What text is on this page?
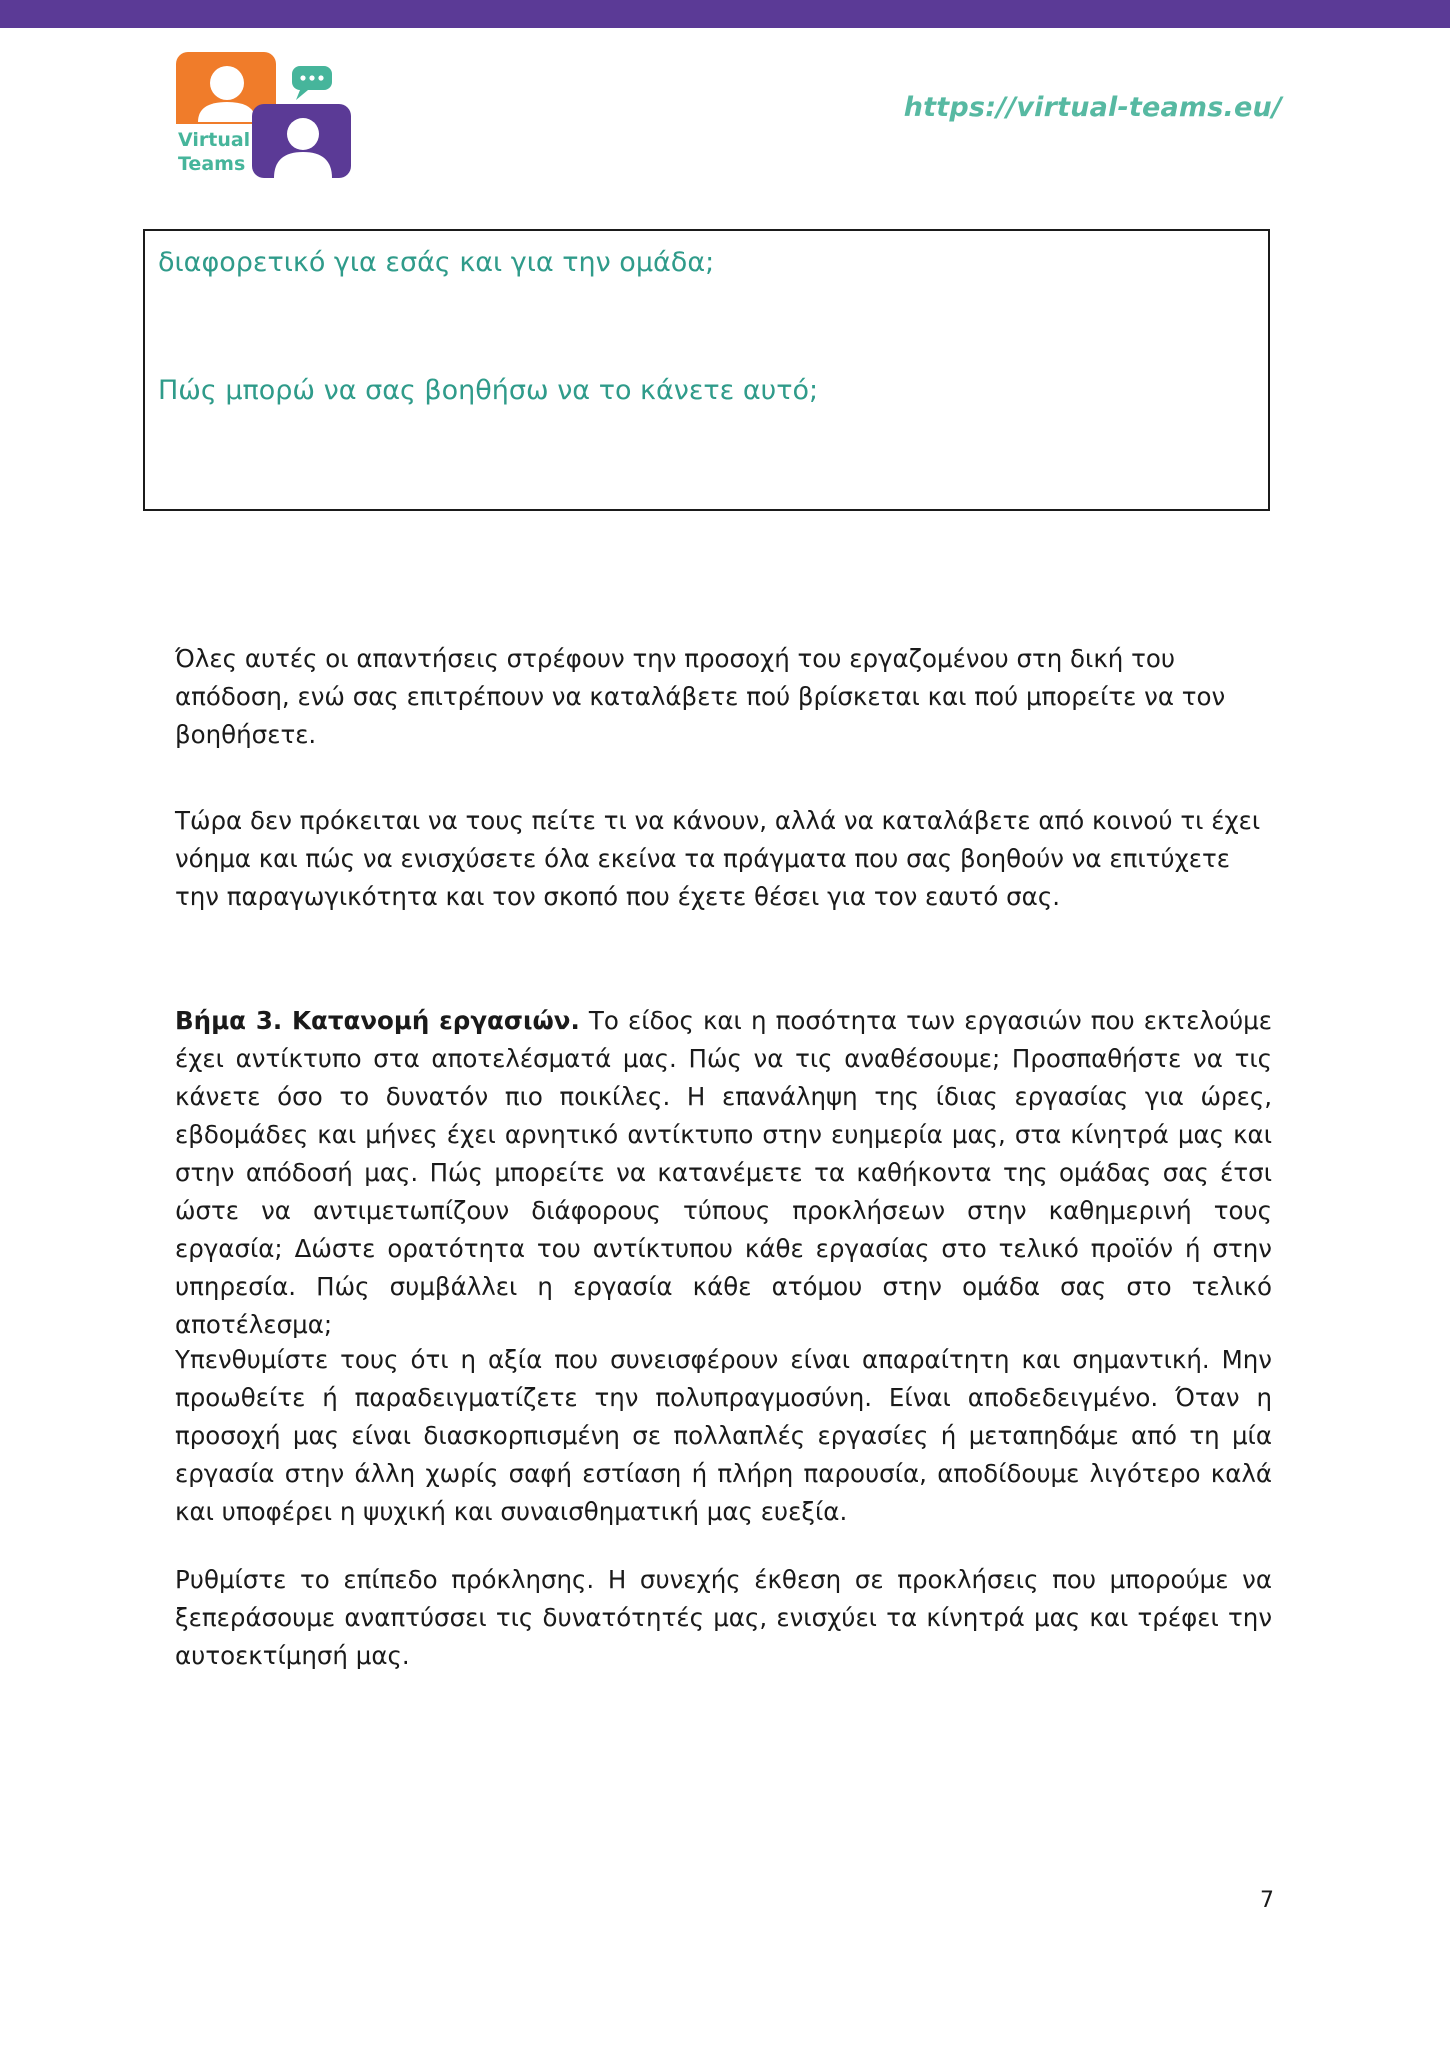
Virtual
Teams
https://virtual-teams.eu/
διαφορετικό για εσάς και για την ομάδα;
Πώς μπορώ να σας βοηθήσω να το κάνετε αυτό;

Όλες αυτές οι απαντήσεις στρέφουν την προσοχή του εργαζομένου στη δική του απόδοση, ενώ σας επιτρέπουν να καταλάβετε πού βρίσκεται και πού μπορείτε να τον βοηθήσετε.

Τώρα δεν πρόκειται να τους πείτε τι να κάνουν, αλλά να καταλάβετε από κοινού τι έχει νόημα και πώς να ενισχύσετε όλα εκείνα τα πράγματα που σας βοηθούν να επιτύχετε την παραγωγικότητα και τον σκοπό που έχετε θέσει για τον εαυτό σας.

Βήμα 3. Κατανομή εργασιών. Το είδος και η ποσότητα των εργασιών που εκτελούμε έχει αντίκτυπο στα αποτελέσματά μας. Πώς να τις αναθέσουμε; Προσπαθήστε να τις κάνετε όσο το δυνατόν πιο ποικίλες. Η επανάληψη της ίδιας εργασίας για ώρες, εβδομάδες και μήνες έχει αρνητικό αντίκτυπο στην ευημερία μας, στα κίνητρά μας και στην απόδοσή μας. Πώς μπορείτε να κατανέμετε τα καθήκοντα της ομάδας σας έτσι ώστε να αντιμετωπίζουν διάφορους τύπους προκλήσεων στην καθημερινή τους εργασία; Δώστε ορατότητα του αντίκτυπου κάθε εργασίας στο τελικό προϊόν ή στην υπηρεσία. Πώς συμβάλλει η εργασία κάθε ατόμου στην ομάδα σας στο τελικό αποτέλεσμα;

Υπενθυμίστε τους ότι η αξία που συνεισφέρουν είναι απαραίτητη και σημαντική. Μην προωθείτε ή παραδειγματίζετε την πολυπραγμοσύνη. Είναι αποδεδειγμένο. Όταν η προσοχή μας είναι διασκορπισμένη σε πολλαπλές εργασίες ή μεταπηδάμε από τη μία εργασία στην άλλη χωρίς σαφή εστίαση ή πλήρη παρουσία, αποδίδουμε λιγότερο καλά και υποφέρει η ψυχική και συναισθηματική μας ευεξία.

Ρυθμίστε το επίπεδο πρόκλησης. Η συνεχής έκθεση σε προκλήσεις που μπορούμε να ξεπεράσουμε αναπτύσσει τις δυνατότητές μας, ενισχύει τα κίνητρά μας και τρέφει την αυτοεκτίμησή μας.

7
